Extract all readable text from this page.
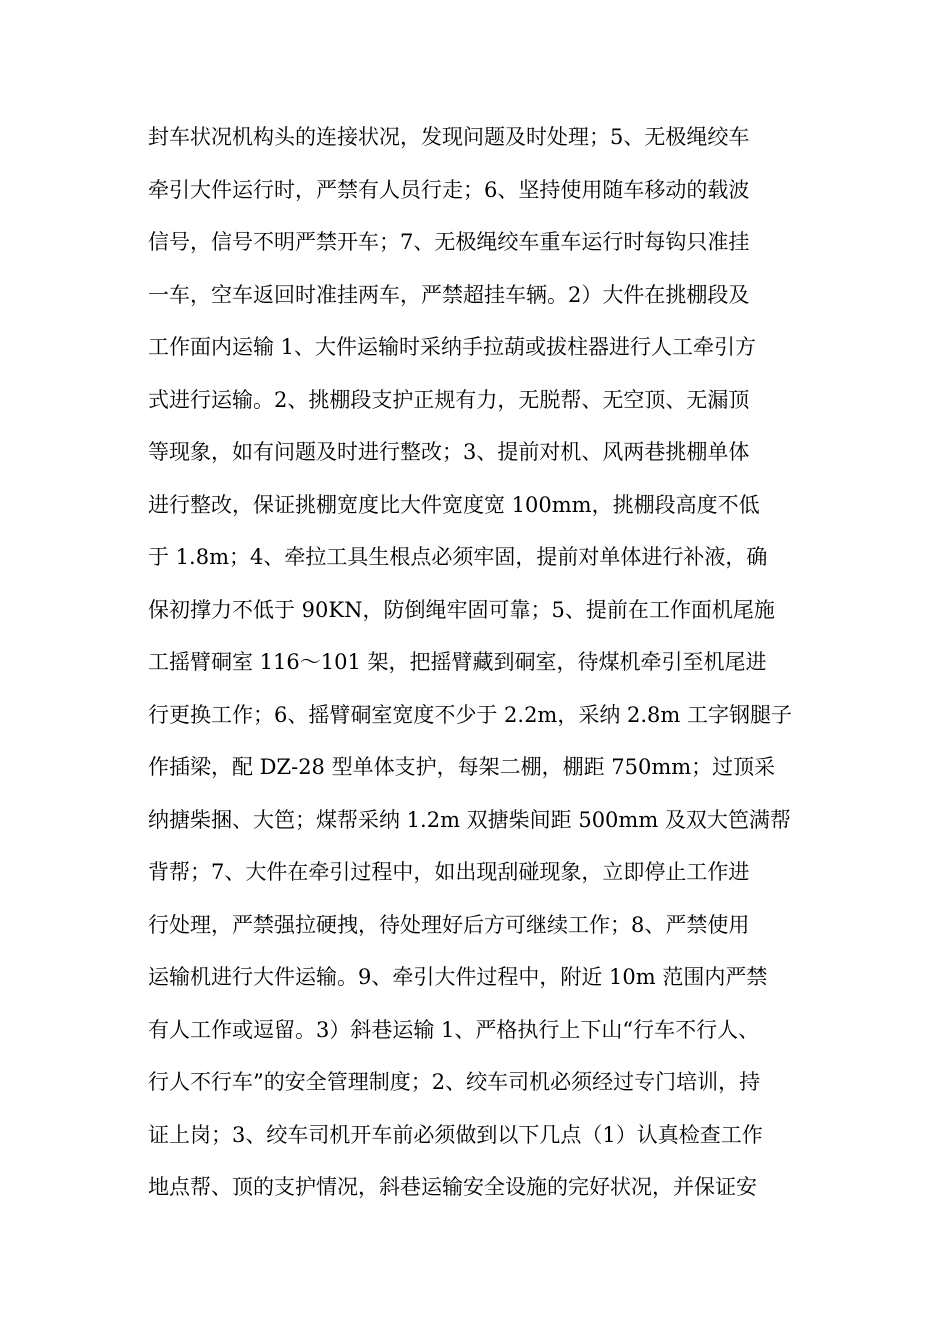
封车状况机构头的连接状况，发现问题及时处理；5、无极绳绞车
牵引大件运行时，严禁有人员行走；6、坚持使用随车移动的载波
信号，信号不明严禁开车；7、无极绳绞车重车运行时每钩只准挂
一车，空车返回时准挂两车，严禁超挂车辆。2）大件在挑棚段及
工作面内运输 1、大件运输时采纳手拉葫或拔柱器进行人工牵引方
式进行运输。2、挑棚段支护正规有力，无脱帮、无空顶、无漏顶
等现象，如有问题及时进行整改；3、提前对机、风两巷挑棚单体
进行整改，保证挑棚宽度比大件宽度宽 100mm，挑棚段高度不低
于 1.8m；4、牵拉工具生根点必须牢固，提前对单体进行补液，确
保初撑力不低于 90KN，防倒绳牢固可靠；5、提前在工作面机尾施
工摇臂硐室 116～101 架，把摇臂藏到硐室，待煤机牵引至机尾进
行更换工作；6、摇臂硐室宽度不少于 2.2m，采纳 2.8m 工字钢腿子
作插梁，配 DZ-28 型单体支护，每架二棚，棚距 750mm；过顶采
纳搪柴捆、大笆；煤帮采纳 1.2m 双搪柴间距 500mm 及双大笆满帮
背帮；7、大件在牵引过程中，如出现刮碰现象，立即停止工作进
行处理，严禁强拉硬拽，待处理好后方可继续工作；8、严禁使用
运输机进行大件运输。9、牵引大件过程中，附近 10m 范围内严禁
有人工作或逗留。3）斜巷运输 1、严格执行上下山“行车不行人、
行人不行车”的安全管理制度；2、绞车司机必须经过专门培训，持
证上岗；3、绞车司机开车前必须做到以下几点（1）认真检查工作
地点帮、顶的支护情况，斜巷运输安全设施的完好状况，并保证安
